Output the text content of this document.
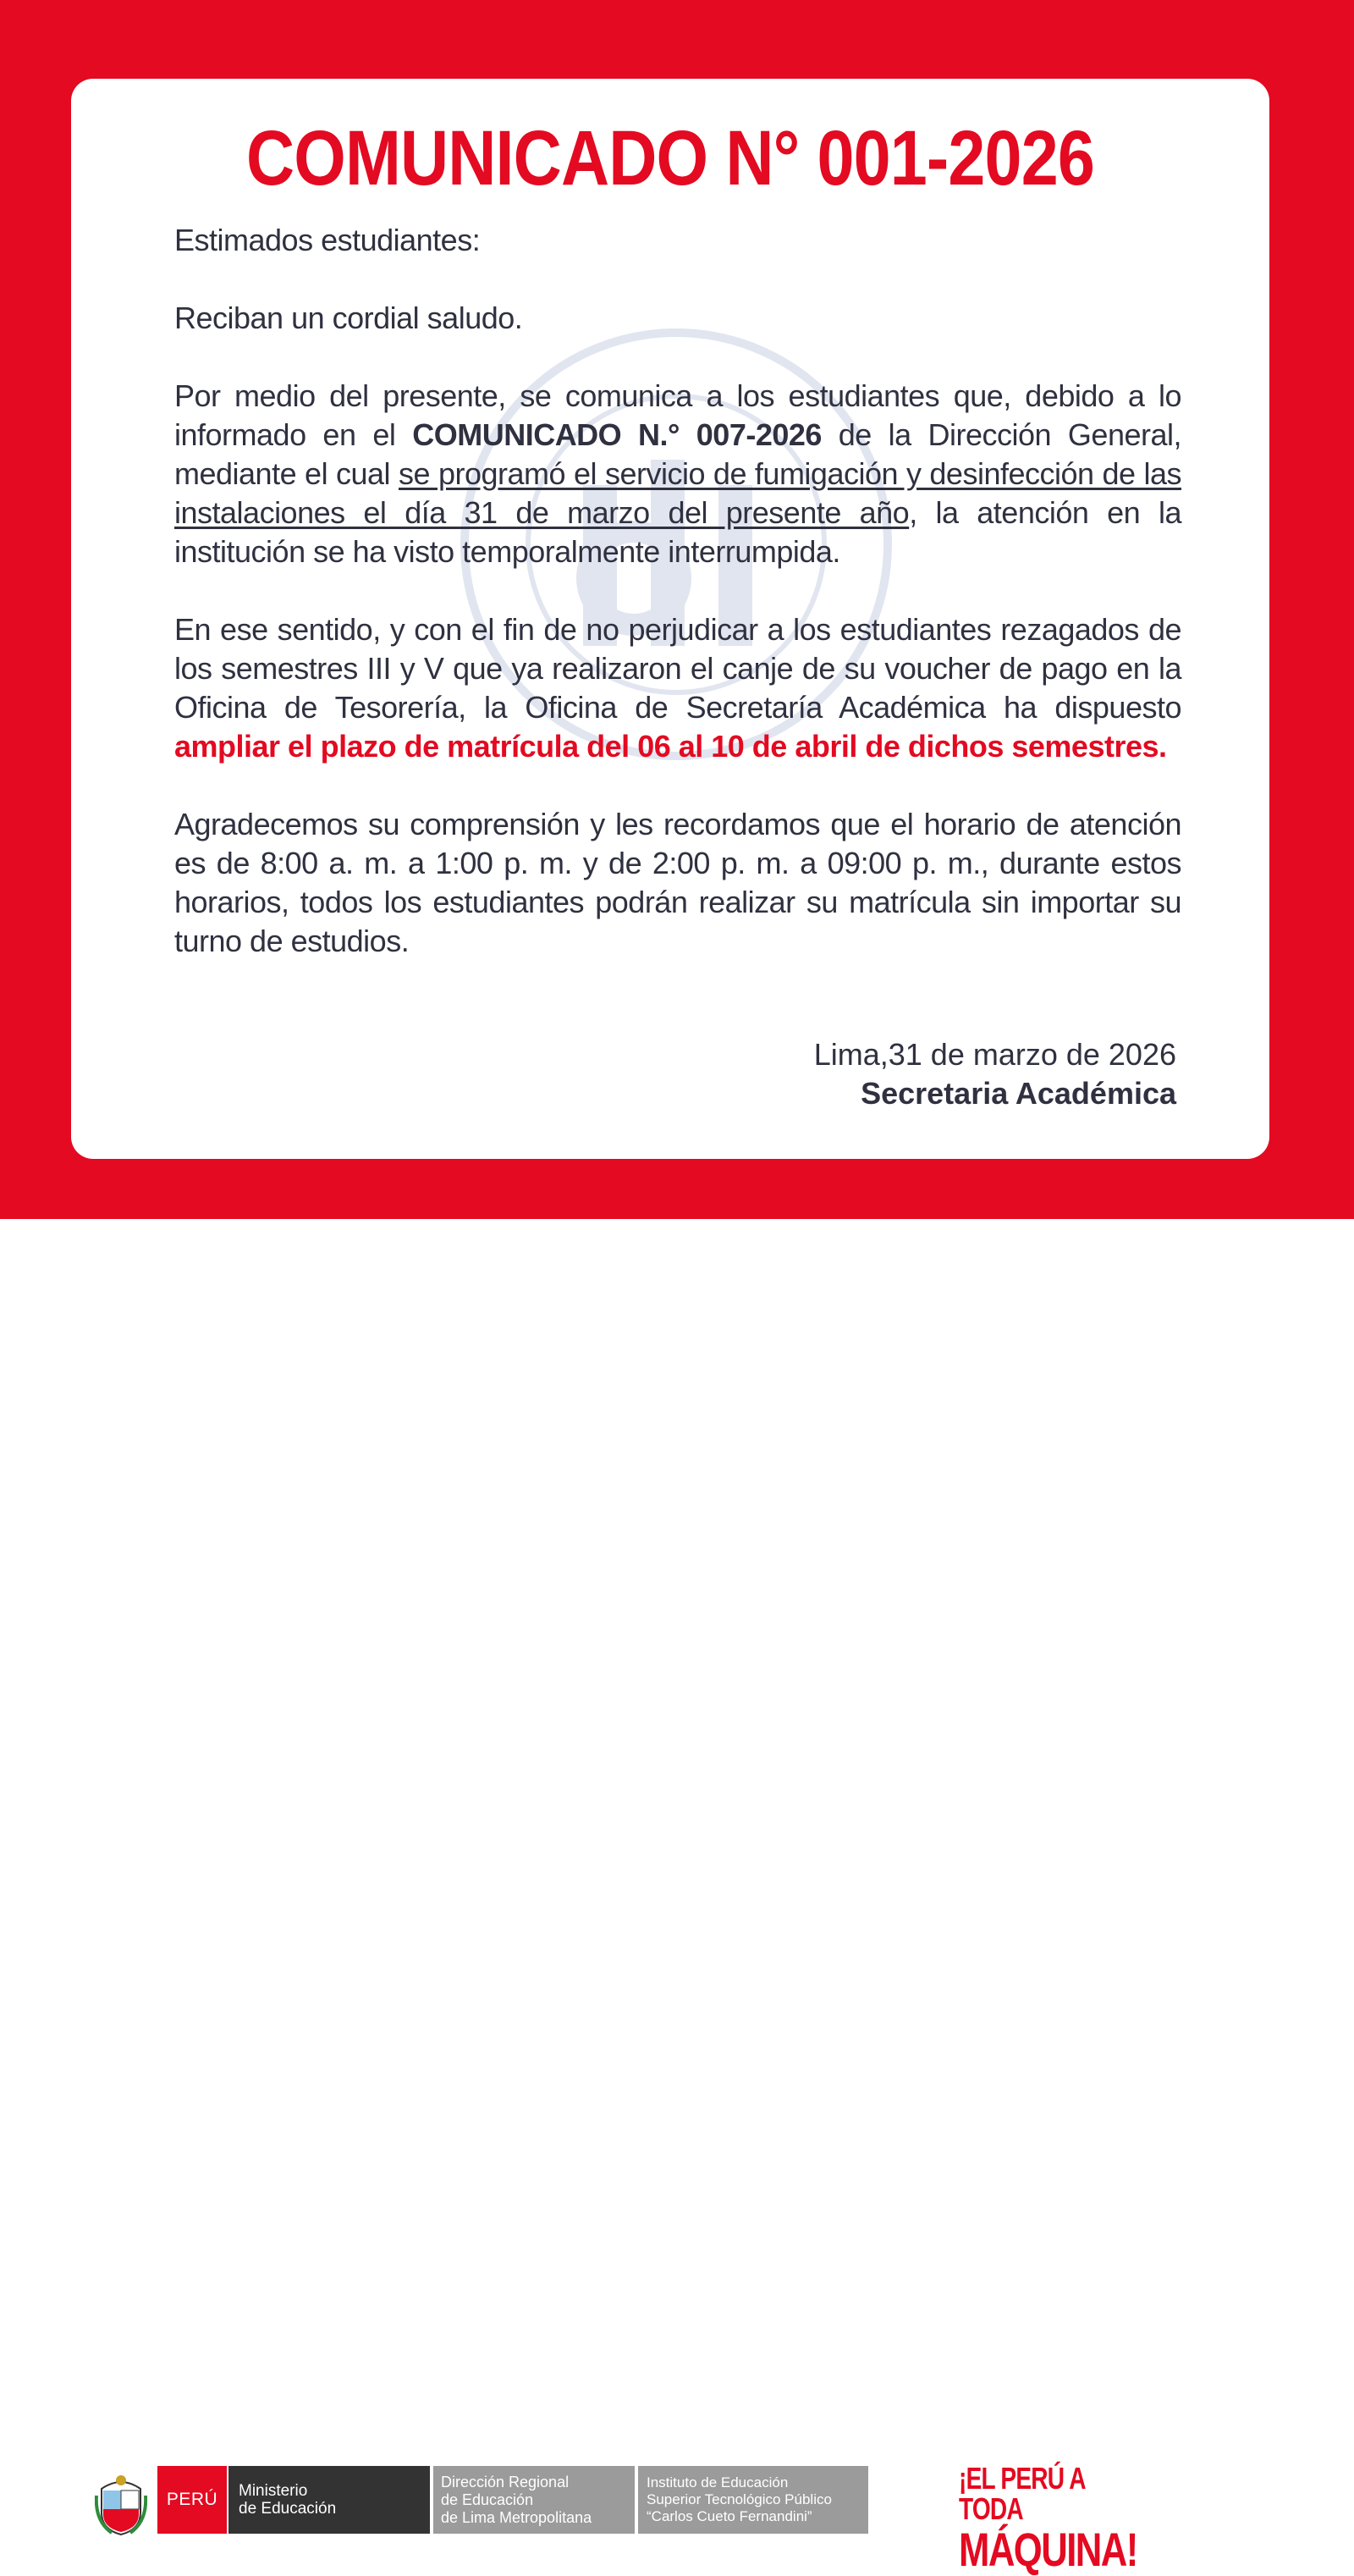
COMUNICADO N° 001-2026

Estimados estudiantes:

Reciban un cordial saludo.

Por medio del presente, se comunica a los estudiantes que, debido a lo informado en el COMUNICADO N.° 007-2026 de la Dirección General, mediante el cual se programó el servicio de fumigación y desinfección de las instalaciones el día 31 de marzo del presente año, la atención en la institución se ha visto temporalmente interrumpida.

En ese sentido, y con el fin de no perjudicar a los estudiantes rezagados de los semestres III y V que ya realizaron el canje de su voucher de pago en la Oficina de Tesorería, la Oficina de Secretaría Académica ha dispuesto ampliar el plazo de matrícula del 06 al 10 de abril de dichos semestres.

Agradecemos su comprensión y les recordamos que el horario de atención es de 8:00 a. m. a 1:00 p. m. y de 2:00 p. m. a 09:00 p. m., durante estos horarios, todos los estudiantes podrán realizar su matrícula sin importar su turno de estudios.

Lima,31 de marzo de 2026
Secretaria Académica
PERÚ	Ministerio
de Educación
Dirección Regional
de Educación
de Lima Metropolitana
Instituto de Educación
Superior Tecnológico Público
“Carlos Cueto Fernandini”
¡EL PERÚ A TODA
MÁQUINA!
